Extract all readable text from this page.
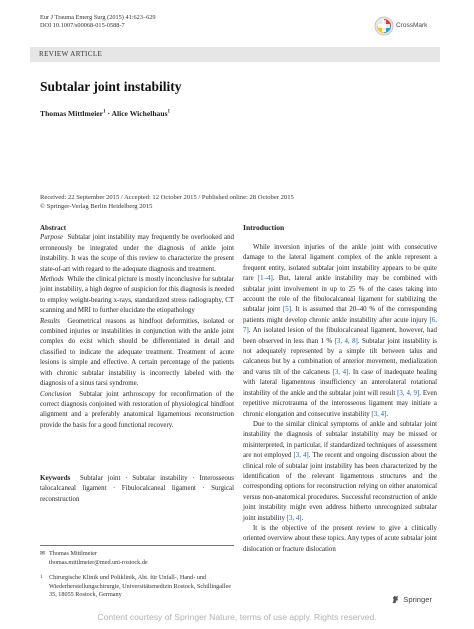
Eur J Trauma Emerg Surg (2015) 41:623–629
DOI 10.1007/s00068-015-0588-7	CrossMark
REVIEW ARTICLE
Subtalar joint instability
Thomas Mittlmeier$^1$ · Alice Wichelhaus$^1$
Received: 22 September 2015 / Accepted: 12 October 2015 / Published online: 28 October 2015
© Springer-Verlag Berlin Heidelberg 2015
Abstract

Purpose Subtalar joint instability may frequently be overlooked and erroneously be integrated under the diagnosis of ankle joint instability. It was the scope of this review to characterize the present state-of-art with regard to the adequate diagnosis and treatment.

Methods While the clinical picture is mostly inconclusive for subtalar joint instability, a high degree of suspicion for this diagnosis is needed to employ weight-bearing x-rays, standardized stress radiography, CT scanning and MRI to further elucidate the etiopathology

Results Geometrical reasons as hindfoot deformities, isolated or combined injuries or instabilities in conjunction with the ankle joint complex do exist which should be differentiated in detail and classified to indicate the adequate treatment. Treatment of acute lesions is simple and effective. A certain percentage of the patients with chronic subtalar instability is incorrectly labeled with the diagnosis of a sinus tarsi syndrome.

Conclusion Subtalar joint arthroscopy for reconfirmation of the correct diagnosis conjoined with restoration of physiological hindfoot alignment and a preferably anatomical ligamentous reconstruction provide the basis for a good functional recovery.

Keywords Subtalar joint · Subtalar instability · Interosseous talocalcaneal ligament · Fibulocalcaneal ligament · Surgical reconstruction

✉ Thomas Mittlmeier
thomas.mittlmeier@med.uni-rostock.de
1	Chirurgische Klinik und Poliklinik, Abt. für Unfall-, Hand- und Wiederherstellungschirurgie, Universitätsmedizin Rostock, Schillingallee 35, 18055 Rostock, Germany
Introduction

While inversion injuries of the ankle joint with consecutive damage to the lateral ligament complex of the ankle represent a frequent entity, isolated subtalar joint instability appears to be quite rare [1–4]. But, lateral ankle instability may be combined with subtalar joint involvement in up to 25 % of the cases taking into account the role of the fibulocalcaneal ligament for stabilizing the subtalar joint [5]. It is assumed that 20–40 % of the corresponding patients might develop chronic ankle instability after acute injury [6, 7]. An isolated lesion of the fibulocalcaneal ligament, however, had been observed in less than 1 % [3, 4, 8]. Subtalar joint instability is not adequately represented by a simple tilt between talus and calcaneus but by a combination of anterior movement, medialization and varus tilt of the calcaneus [3, 4]. In case of inadequate healing with lateral ligamentous insufficiency an anterolateral rotational instability of the ankle and the subtalar joint will result [3, 4, 9]. Even repetitive microtrauma of the interosseous ligament may initiate a chronic elongation and consecutive instability [3, 4].

Due to the similar clinical symptoms of ankle and subtalar joint instability the diagnosis of subtalar instability may be missed or misinterpreted, in particular, if standardized techniques of assessment are not employed [3, 4]. The recent and ongoing discussion about the clinical role of subtalar joint instability has been characterized by the identification of the relevant ligamentous structures and the corresponding options for reconstruction relying on either anatomical versus non-anatomical procedures. Successful reconstruction of ankle joint instability might even address hitherto unrecognized subtalar joint instability [3, 4].

It is the objective of the present review to give a clinically oriented overview about these topics. Any types of acute subtalar joint dislocation or fracture dislocation

Springer
Content courtesy of Springer Nature, terms of use apply. Rights reserved.
